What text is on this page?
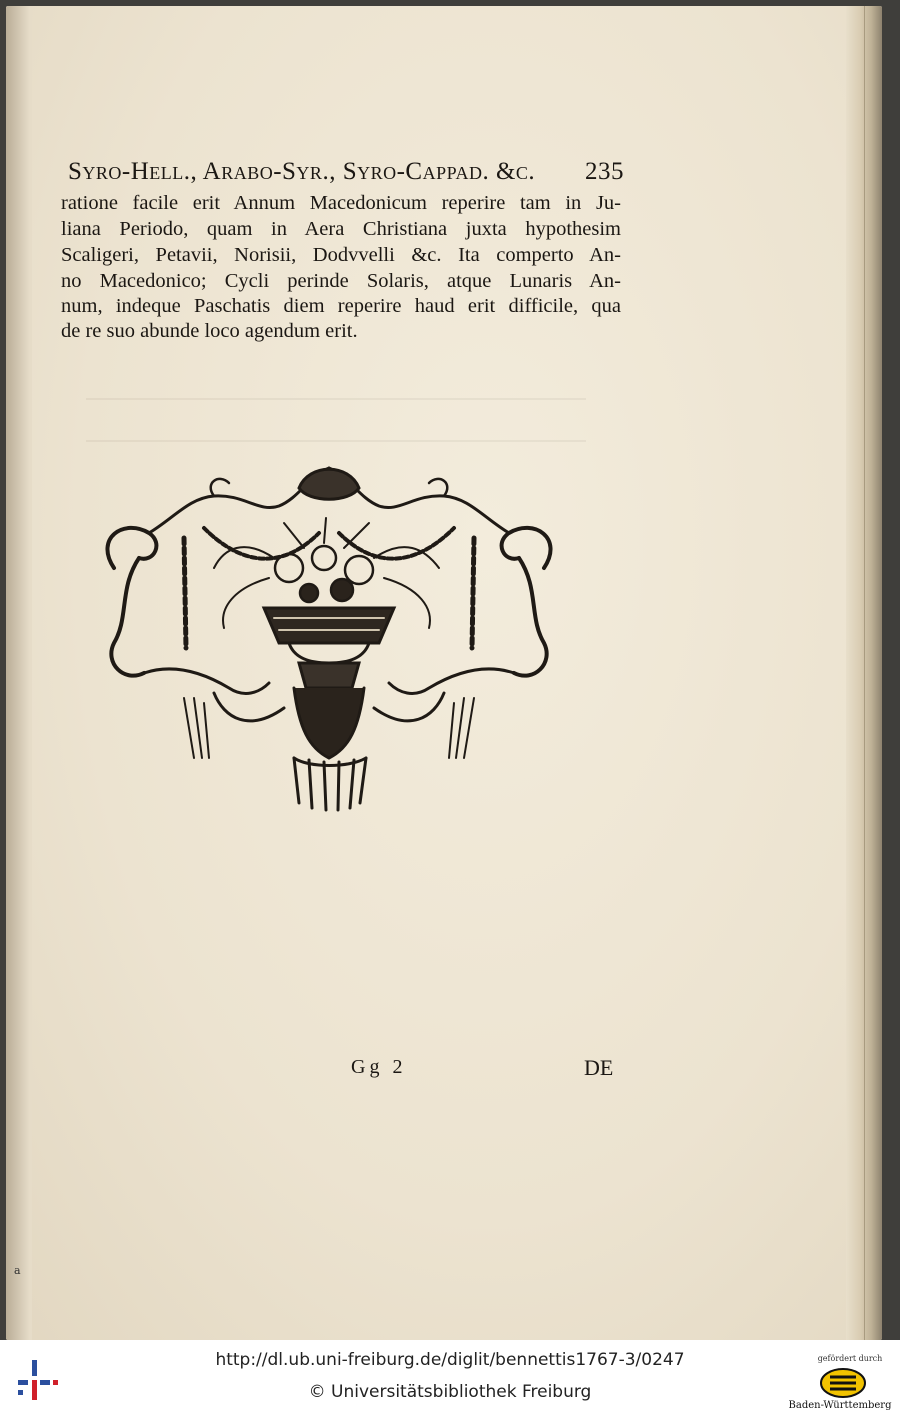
Syro-Hell., Arabo-Syr., Syro-Cappad. &c. 235
ratione facile erit Annum Macedonicum reperire tam in Ju-
liana Periodo, quam in Aera Christiana juxta hypothesim
Scaligeri, Petavii, Norisii, Dodvvelli &c. Ita comperto An-
no Macedonico; Cycli perinde Solaris, atque Lunaris An-
num, indeque Paschatis diem reperire haud erit difficile, qua
de re suo abunde loco agendum erit.
Gg 2	DE
a
http://dl.ub.uni-freiburg.de/diglit/bennettis1767-3/0247
© Universitätsbibliothek Freiburg
gefördert durch
Baden-Württemberg
